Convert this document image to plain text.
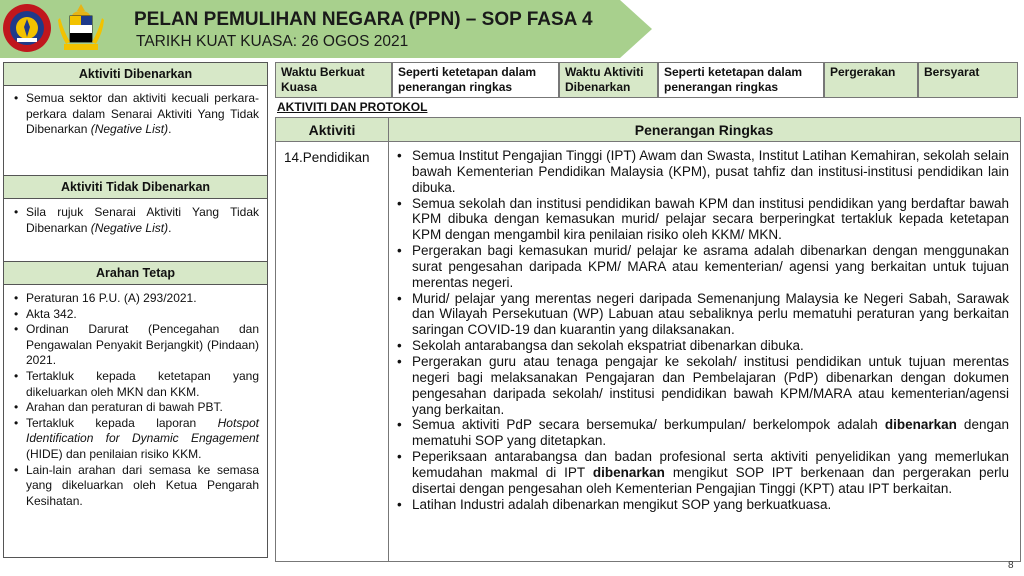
PELAN PEMULIHAN NEGARA (PPN) – SOP FASA 4
TARIKH KUAT KUASA: 26 OGOS 2021
Aktiviti Dibenarkan
• Semua sektor dan aktiviti kecuali perkara-perkara dalam Senarai Aktiviti Yang Tidak Dibenarkan (Negative List).
Aktiviti Tidak Dibenarkan
• Sila rujuk Senarai Aktiviti Yang Tidak Dibenarkan (Negative List).
Arahan Tetap
• Peraturan 16 P.U. (A) 293/2021.
• Akta 342.
• Ordinan Darurat (Pencegahan dan Pengawalan Penyakit Berjangkit) (Pindaan) 2021.
• Tertakluk kepada ketetapan yang dikeluarkan oleh MKN dan KKM.
• Arahan dan peraturan di bawah PBT.
• Tertakluk kepada laporan Hotspot Identification for Dynamic Engagement (HIDE) dan penilaian risiko KKM.
• Lain-lain arahan dari semasa ke semasa yang dikeluarkan oleh Ketua Pengarah Kesihatan.
Waktu Berkuat Kuasa
Seperti ketetapan dalam penerangan ringkas
Waktu Aktiviti Dibenarkan
Seperti ketetapan dalam penerangan ringkas
Pergerakan	Bersyarat
AKTIVITI DAN PROTOKOL
Aktiviti	Penerangan Ringkas
14.Pendidikan
•	Semua Institut Pengajian Tinggi (IPT) Awam dan Swasta, Institut Latihan Kemahiran, sekolah selain bawah Kementerian Pendidikan Malaysia (KPM), pusat tahfiz dan institusi-institusi pendidikan lain dibuka.
• Semua sekolah dan institusi pendidikan bawah KPM dan institusi pendidikan yang berdaftar bawah KPM dibuka dengan kemasukan murid/ pelajar secara berperingkat tertakluk kepada ketetapan KPM dengan mengambil kira penilaian risiko oleh KKM/ MKN.
• Pergerakan bagi kemasukan murid/ pelajar ke asrama adalah dibenarkan dengan menggunakan surat pengesahan daripada KPM/ MARA atau kementerian/ agensi yang berkaitan untuk tujuan merentas negeri.
• Murid/ pelajar yang merentas negeri daripada Semenanjung Malaysia ke Negeri Sabah, Sarawak dan Wilayah Persekutuan (WP) Labuan atau sebaliknya perlu mematuhi peraturan yang berkaitan saringan COVID-19 dan kuarantin yang dilaksanakan.
• Sekolah antarabangsa dan sekolah ekspatriat dibenarkan dibuka.
• Pergerakan guru atau tenaga pengajar ke sekolah/ institusi pendidikan untuk tujuan merentas negeri bagi melaksanakan Pengajaran dan Pembelajaran (PdP) dibenarkan dengan dokumen pengesahan daripada sekolah/ institusi pendidikan bawah KPM/MARA atau kementerian/agensi yang berkaitan.
• Semua aktiviti PdP secara bersemuka/ berkumpulan/ berkelompok adalah dibenarkan dengan mematuhi SOP yang ditetapkan.
• Peperiksaan antarabangsa dan badan profesional serta aktiviti penyelidikan yang memerlukan kemudahan makmal di IPT dibenarkan mengikut SOP IPT berkenaan dan pergerakan perlu disertai dengan pengesahan oleh Kementerian Pengajian Tinggi (KPT) atau IPT berkaitan.
• Latihan Industri adalah dibenarkan mengikut SOP yang berkuatkuasa.
8
